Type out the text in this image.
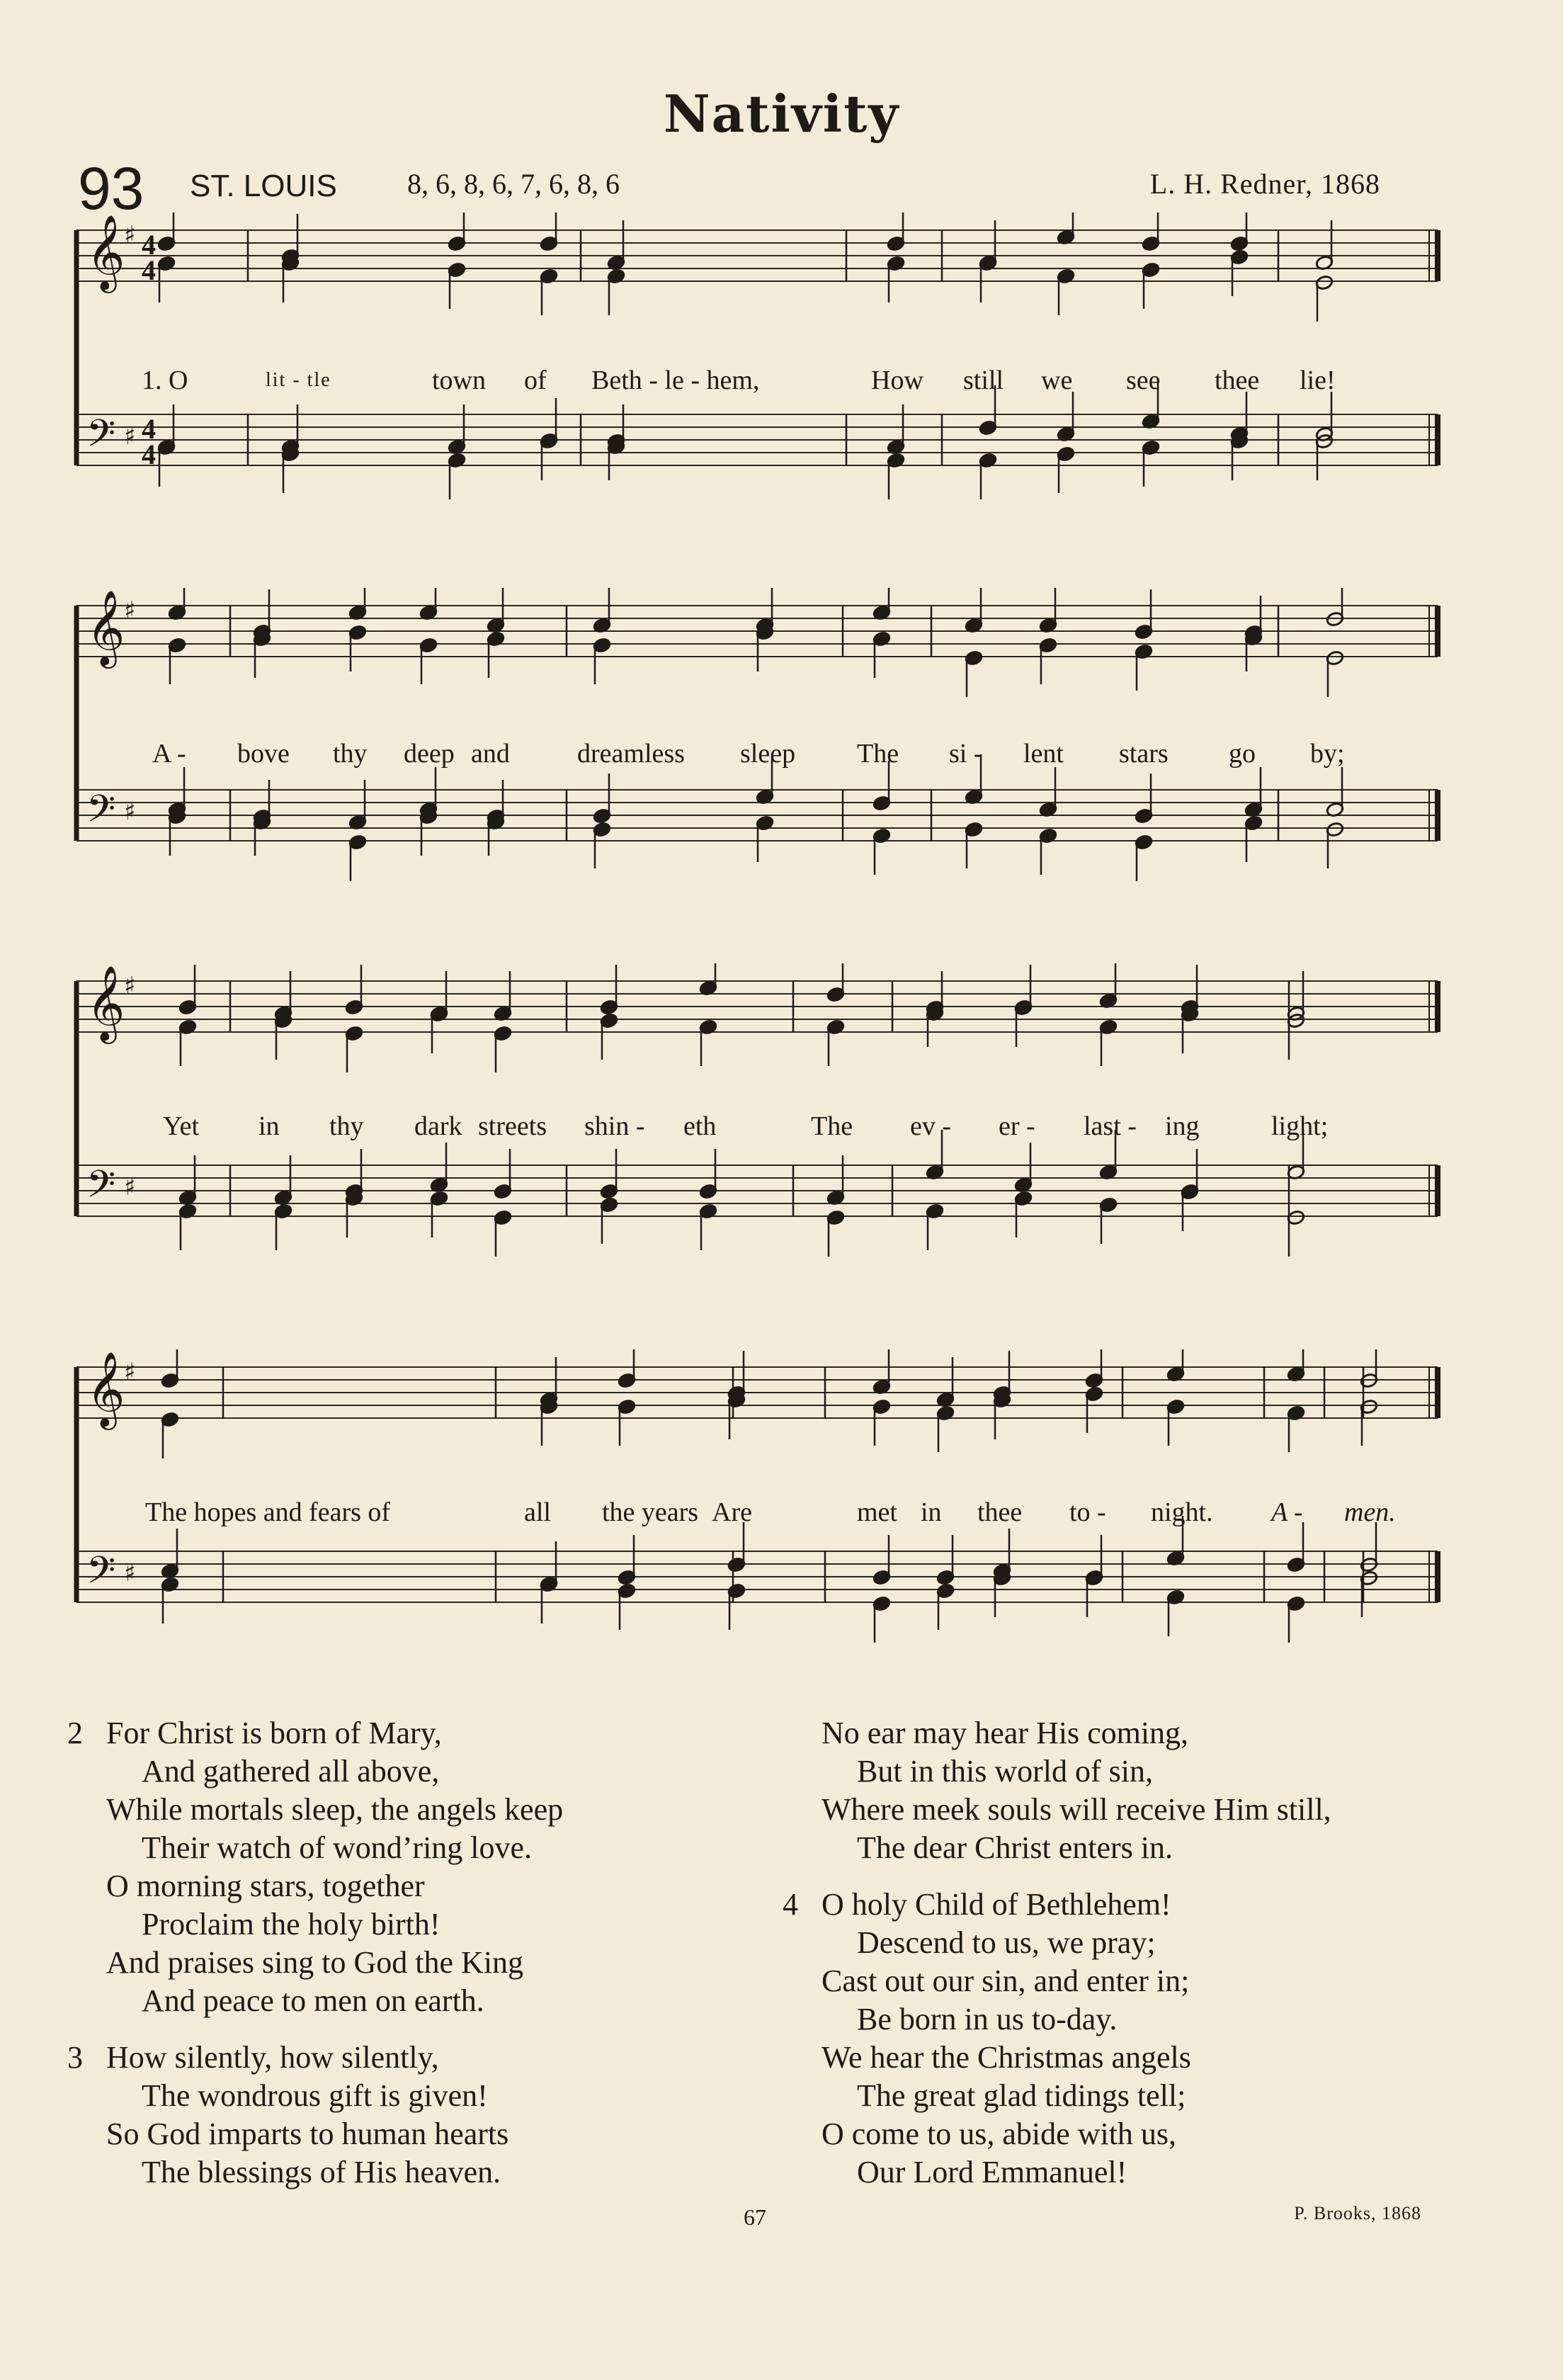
Nativity
93 ST. LOUIS 8, 6, 8, 6, 7, 6, 8, 6	L. H. Redner, 1868
𝄞
♯ 4
4
𝄢 ♯ 4
4
1. O	lit - tle	town of Beth - le - hem,	How still we see thee lie!
𝄞
♯
𝄢 ♯
A - bove thy deep and	dreamless sleep The si - lent stars go by;
𝄞
♯
𝄢 ♯
Yet in thy dark streets shin - eth	The ev - er - last - ing	light;
𝄞
♯
𝄢 ♯
The hopes and fears of	all the years Are	met in thee to - night. A - men.
2 For Christ is born of Mary,
And gathered all above,
While mortals sleep, the angels keep
Their watch of wond’ring love.
O morning stars, together
Proclaim the holy birth!
And praises sing to God the King
And peace to men on earth.
3 How silently, how silently,
The wondrous gift is given!
So God imparts to human hearts
The blessings of His heaven.
No ear may hear His coming,
But in this world of sin,
Where meek souls will receive Him still,
The dear Christ enters in.
4 O holy Child of Bethlehem!
Descend to us, we pray;
Cast out our sin, and enter in;
Be born in us to-day.
We hear the Christmas angels
The great glad tidings tell;
O come to us, abide with us,
Our Lord Emmanuel!
67	P. Brooks, 1868
